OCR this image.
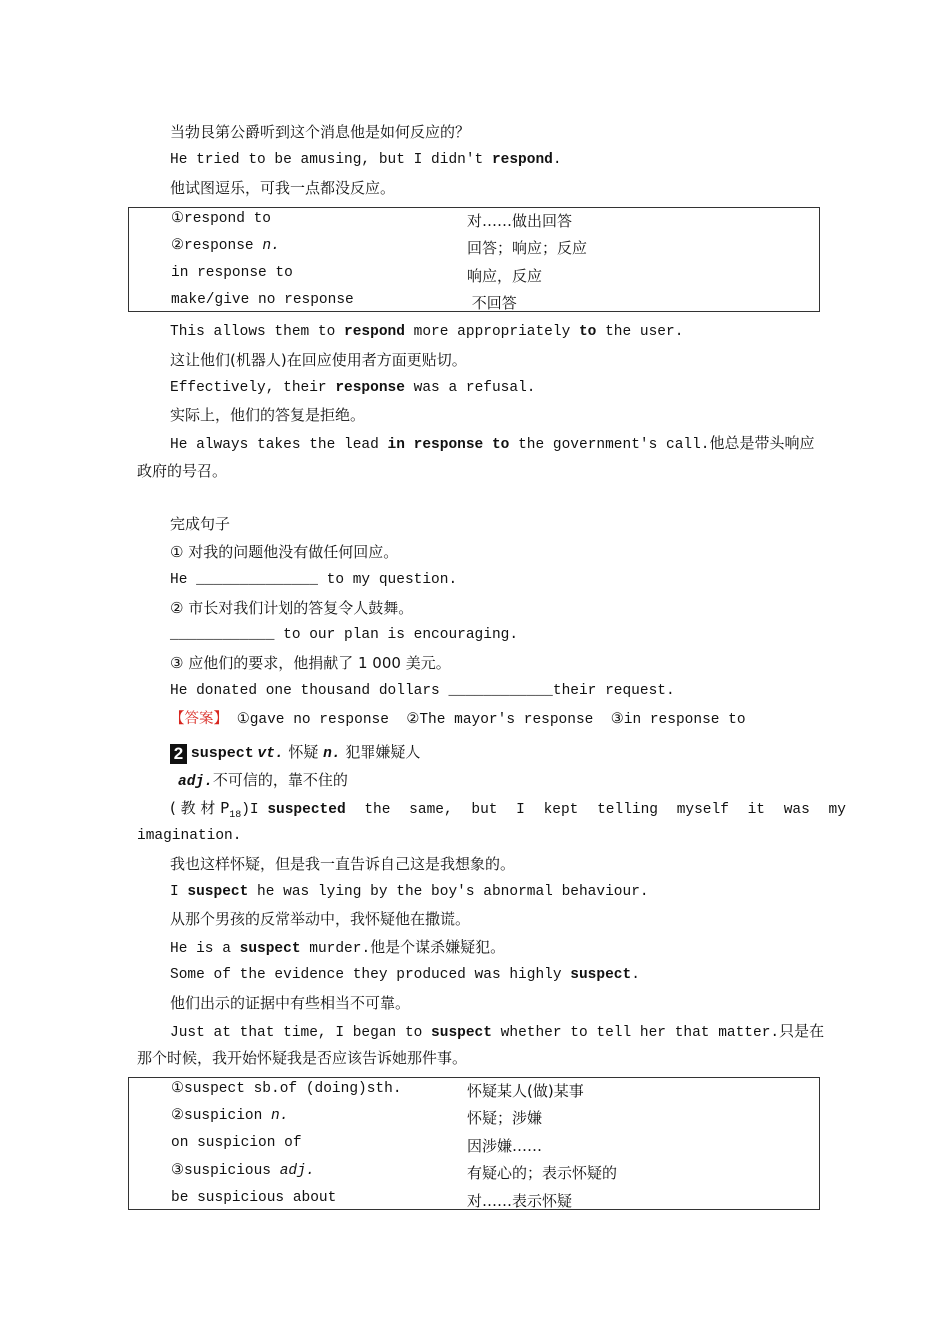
当勃艮第公爵听到这个消息他是如何反应的？
He tried to be amusing, but I didn't respond.
他试图逗乐，可我一点都没反应。
①respond to	对……做出回答
②response n.	回答；响应；反应
in response to	响应，反应
make/give no response	不回答
This allows them to respond more appropriately to the user.
这让他们(机器人)在回应使用者方面更贴切。
Effectively, their response was a refusal.
实际上，他们的答复是拒绝。
He always takes the lead in response to the government's call.他总是带头响应
政府的号召。
完成句子
① 对我的问题他没有做任何回应。
He ______________ to my question.
② 市长对我们计划的答复令人鼓舞。
____________ to our plan is encouraging.
③ 应他们的要求，他捐献了 1 000 美元。
He donated one thousand dollars ____________their request.
【答案】 ①gave no response  ②The mayor's response  ③in response to
2 suspect vt. 怀疑 n. 犯罪嫌疑人
adj.不可信的，靠不住的
( 教 材 $P_{18})I$ suspected the same, but I kept telling myself it was my
imagination.
我也这样怀疑，但是我一直告诉自己这是我想象的。
I suspect he was lying by the boy's abnormal behaviour.
从那个男孩的反常举动中，我怀疑他在撒谎。
He is a suspect murder.他是个谋杀嫌疑犯。
Some of the evidence they produced was highly suspect.
他们出示的证据中有些相当不可靠。
Just at that time, I began to suspect whether to tell her that matter.只是在
那个时候，我开始怀疑我是否应该告诉她那件事。
①suspect sb.of (doing)sth.	怀疑某人(做)某事
②suspicion n.	怀疑；涉嫌
on suspicion of	因涉嫌……
③suspicious adj.	有疑心的；表示怀疑的
be suspicious about	对……表示怀疑
